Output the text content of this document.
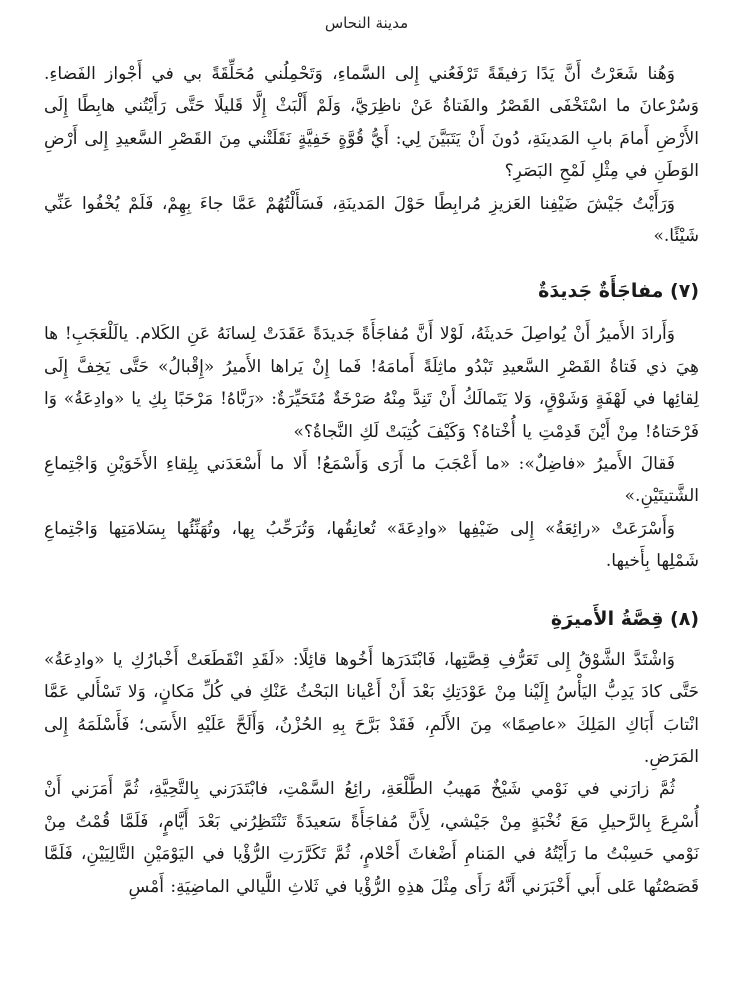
مدينة النحاس

وَهُنا شَعَرْتُ أَنَّ يَدًا رَفيقَةً تَرْفَعُني إِلى السَّماءِ، وَتَحْمِلُني مُحَلِّقَةً بي في أَجْواز الفَضاءِ. وَسُرْعانَ ما اسْتَخْفَى القَصْرُ والفَتاةُ عَنْ ناظِرَيَّ، وَلَمْ أَلْبَثْ إِلَّا قَليلًا حَتَّى رَأَيْتُني هابِطًا إِلَى الأَرْضِ أَمامَ بابِ المَدينَةِ، دُونَ أَنْ يَتَبَيَّنَ لِي: أَيُّ قُوَّةٍ خَفِيَّةٍ نَقَلَتْني مِنَ القَصْرِ السَّعيدِ إِلى أَرْضِ الوَطَنِ في مِثْلِ لَمْحِ البَصَرِ؟

وَرَأَيْتُ جَيْشَ ضَيْفِنا العَزيزِ مُرابِطًا حَوْلَ المَدينَةِ، فَسَأَلْتُهُمْ عَمَّا جاءَ بِهِمْ، فَلَمْ يُخْفُوا عَنِّي شَيْئًا.»

(٧) مفاجَأَةٌ جَديدَةٌ

وَأَرادَ الأَميرُ أَنْ يُواصِلَ حَديثَهُ، لَوْلا أَنَّ مُفاجَأَةً جَديدَةً عَقَدَتْ لِسانَهُ عَنِ الكَلام. يالَلْعَجَبِ! ها هِيَ ذي فَتاةُ القَصْرِ السَّعيدِ تَبْدُو ماثِلَةً أَمامَهُ! فَما إِنْ يَراها الأَميرُ «إِقْبالُ» حَتَّى يَخِفَّ إِلَى لِقائِها في لَهْفَةٍ وَشَوْقٍ، وَلا يَتَمالَكُ أَنْ تَنِدَّ مِنْهُ صَرْخَةٌ مُتَحَيِّرَةٌ: «رَبَّاهُ! مَرْحَبًا بِكِ يا «وادِعَةُ» وَا فَرْحَتاهُ! مِنْ أَيْنَ قَدِمْتِ يا أُخْتاهُ؟ وَكَيْفَ كُتِبَتْ لَكِ النَّجاةُ؟»

فَقالَ الأَميرُ «فاضِلٌ»: «ما أَعْجَبَ ما أَرَى وَأَسْمَعُ! أَلا ما أَسْعَدَني بِلِقاءِ الأَخَوَيْنِ وَاجْتِماعِ الشَّتيتَيْنِ.»

وَأَسْرَعَتْ «رائِعَةُ» إِلى ضَيْفِها «وادِعَةَ» تُعانِقُها، وَتُرَحِّبُ بِها، وتُهَنِّئُها بِسَلامَتِها وَاجْتِماعِ شَمْلِها بِأَخيها.

(٨) قِصَّةُ الأَميرَةِ

وَاشْتَدَّ الشَّوْقُ إِلى تَعَرُّفِ قِصَّتِها، فَابْتَدَرَها أَخُوها قائِلًا: «لَقَدِ انْقَطَعَتْ أَخْبارُكِ يا «وادِعَةُ» حَتَّى كادَ يَدِبُّ اليَأْسُ إِلَيْنا مِنْ عَوْدَتِكِ بَعْدَ أَنْ أَعْيانا البَحْثُ عَنْكِ في كُلِّ مَكانٍ، وَلا تَسْأَلي عَمَّا انْتابَ أَبَاكِ المَلِكَ «عاصِمًا» مِنَ الأَلَمِ، فَقَدْ بَرَّحَ بِهِ الحُزْنُ، وَأَلَحَّ عَلَيْهِ الأَسَى؛ فَأَسْلَمَهُ إِلى المَرَضِ.

ثُمَّ زارَني في نَوْمي شَيْخٌ مَهيبُ الطَّلْعَةِ، رائِعُ السَّمْتِ، فابْتَدَرَني بِالتَّحِيَّةِ، ثُمَّ أَمَرَني أَنْ أُسْرِعَ بِالرَّحيلِ مَعَ نُخْبَةٍ مِنْ جَيْشي، لِأَنَّ مُفاجَأَةً سَعيدَةً تَنْتَظِرُني بَعْدَ أَيَّامٍ، فَلَمَّا قُمْتُ مِنْ نَوْمي حَسِبْتُ ما رَأَيْتُهُ في المَنامِ أَضْغاثَ أَحْلامٍ، ثُمَّ تَكَرَّرَتِ الرُّؤْيا في اليَوْمَيْنِ التَّالِيَيْنِ، فَلَمَّا قَصَصْتُها عَلى أَبي أَخْبَرَني أَنَّهُ رَأَى مِثْلَ هذِهِ الرُّؤْيا في ثَلاثِ اللَّيالي الماضِيَةِ: أَمْسِ
